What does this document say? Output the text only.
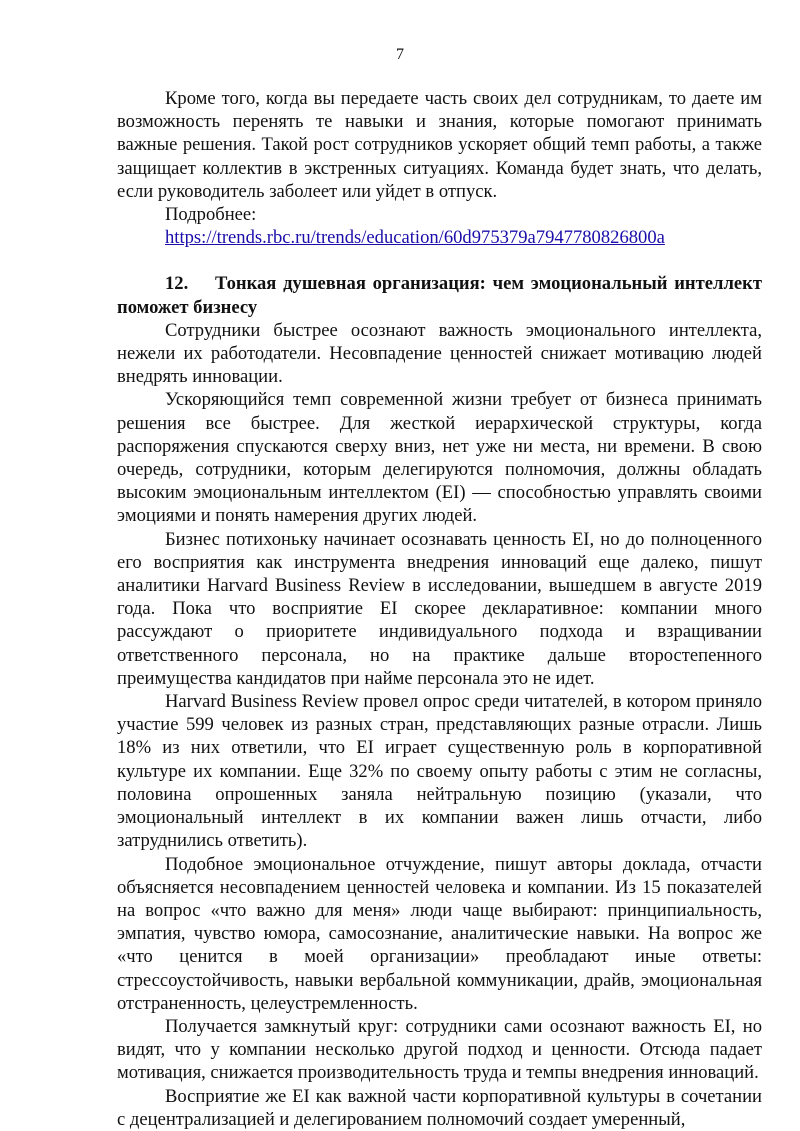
7

Кроме того, когда вы передаете часть своих дел сотрудникам, то даете им возможность перенять те навыки и знания, которые помогают принимать важные решения. Такой рост сотрудников ускоряет общий темп работы, а также защищает коллектив в экстренных ситуациях. Команда будет знать, что делать, если руководитель заболеет или уйдет в отпуск.

Подробнее:

https://trends.rbc.ru/trends/education/60d975379a7947780826800a
12. Тонкая душевная организация: чем эмоциональный интеллект поможет бизнесу

Сотрудники быстрее осознают важность эмоционального интеллекта, нежели их работодатели. Несовпадение ценностей снижает мотивацию людей внедрять инновации.

Ускоряющийся темп современной жизни требует от бизнеса принимать решения все быстрее. Для жесткой иерархической структуры, когда распоряжения спускаются сверху вниз, нет уже ни места, ни времени. В свою очередь, сотрудники, которым делегируются полномочия, должны обладать высоким эмоциональным интеллектом (EI) — способностью управлять своими эмоциями и понять намерения других людей.

Бизнес потихоньку начинает осознавать ценность EI, но до полноценного его восприятия как инструмента внедрения инноваций еще далеко, пишут аналитики Harvard Business Review в исследовании, вышедшем в августе 2019 года. Пока что восприятие EI скорее декларативное: компании много рассуждают о приоритете индивидуального подхода и взращивании ответственного персонала, но на практике дальше второстепенного преимущества кандидатов при найме персонала это не идет.

Harvard Business Review провел опрос среди читателей, в котором приняло участие 599 человек из разных стран, представляющих разные отрасли. Лишь 18% из них ответили, что EI играет существенную роль в корпоративной культуре их компании. Еще 32% по своему опыту работы с этим не согласны, половина опрошенных заняла нейтральную позицию (указали, что эмоциональный интеллект в их компании важен лишь отчасти, либо затруднились ответить).

Подобное эмоциональное отчуждение, пишут авторы доклада, отчасти объясняется несовпадением ценностей человека и компании. Из 15 показателей на вопрос «что важно для меня» люди чаще выбирают: принципиальность, эмпатия, чувство юмора, самосознание, аналитические навыки. На вопрос же «что ценится в моей организации» преобладают иные ответы: стрессоустойчивость, навыки вербальной коммуникации, драйв, эмоциональная отстраненность, целеустремленность.

Получается замкнутый круг: сотрудники сами осознают важность EI, но видят, что у компании несколько другой подход и ценности. Отсюда падает мотивация, снижается производительность труда и темпы внедрения инноваций.

Восприятие же EI как важной части корпоративной культуры в сочетании с децентрализацией и делегированием полномочий создает умеренный,
